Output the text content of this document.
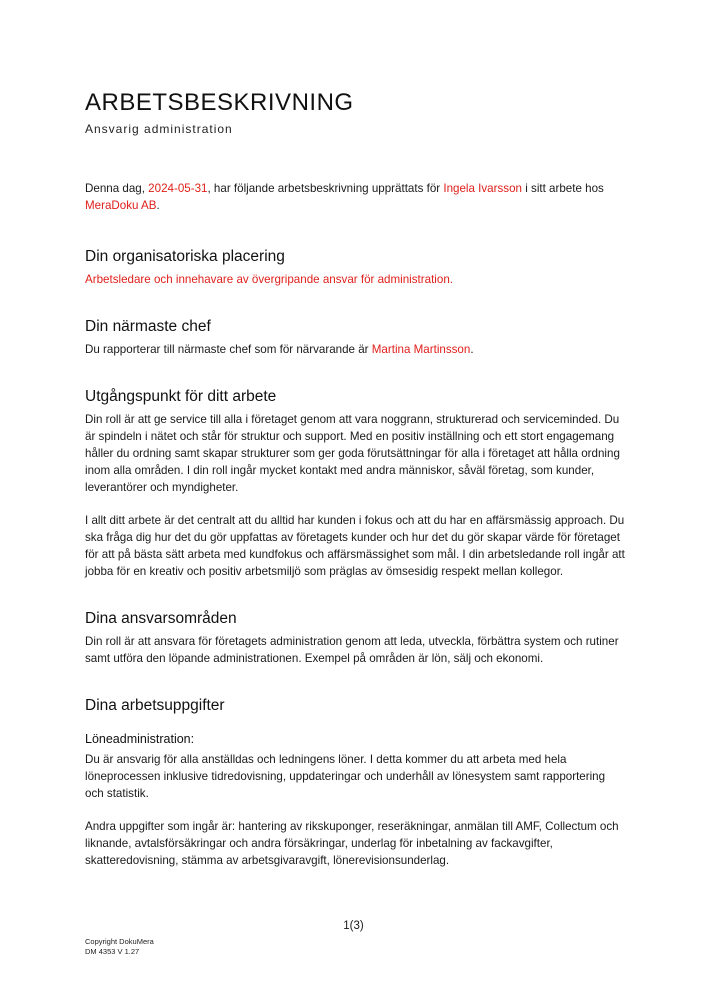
ARBETSBESKRIVNING
Ansvarig administration

Denna dag, 2024-05-31, har följande arbetsbeskrivning upprättats för Ingela Ivarsson i sitt arbete hos MeraDoku AB.

Din organisatoriska placering

Arbetsledare och innehavare av övergripande ansvar för administration.

Din närmaste chef

Du rapporterar till närmaste chef som för närvarande är Martina Martinsson.

Utgångspunkt för ditt arbete

Din roll är att ge service till alla i företaget genom att vara noggrann, strukturerad och serviceminded. Du är spindeln i nätet och står för struktur och support. Med en positiv inställning och ett stort engagemang håller du ordning samt skapar strukturer som ger goda förutsättningar för alla i företaget att hålla ordning inom alla områden. I din roll ingår mycket kontakt med andra människor, såväl företag, som kunder, leverantörer och myndigheter.

I allt ditt arbete är det centralt att du alltid har kunden i fokus och att du har en affärsmässig approach. Du ska fråga dig hur det du gör uppfattas av företagets kunder och hur det du gör skapar värde för företaget för att på bästa sätt arbeta med kundfokus och affärsmässighet som mål. I din arbetsledande roll ingår att jobba för en kreativ och positiv arbetsmiljö som präglas av ömsesidig respekt mellan kollegor.

Dina ansvarsområden

Din roll är att ansvara för företagets administration genom att leda, utveckla, förbättra system och rutiner samt utföra den löpande administrationen. Exempel på områden är lön, sälj och ekonomi.

Dina arbetsuppgifter
Löneadministration:

Du är ansvarig för alla anställdas och ledningens löner. I detta kommer du att arbeta med hela löneprocessen inklusive tidredovisning, uppdateringar och underhåll av lönesystem samt rapportering och statistik.

Andra uppgifter som ingår är: hantering av rikskuponger, reseräkningar, anmälan till AMF, Collectum och liknande, avtalsförsäkringar och andra försäkringar, underlag för inbetalning av fackavgifter, skatteredovisning, stämma av arbetsgivaravgift, lönerevisionsunderlag.

1(3)
Copyright DokuMera
DM 4353 V 1.27
